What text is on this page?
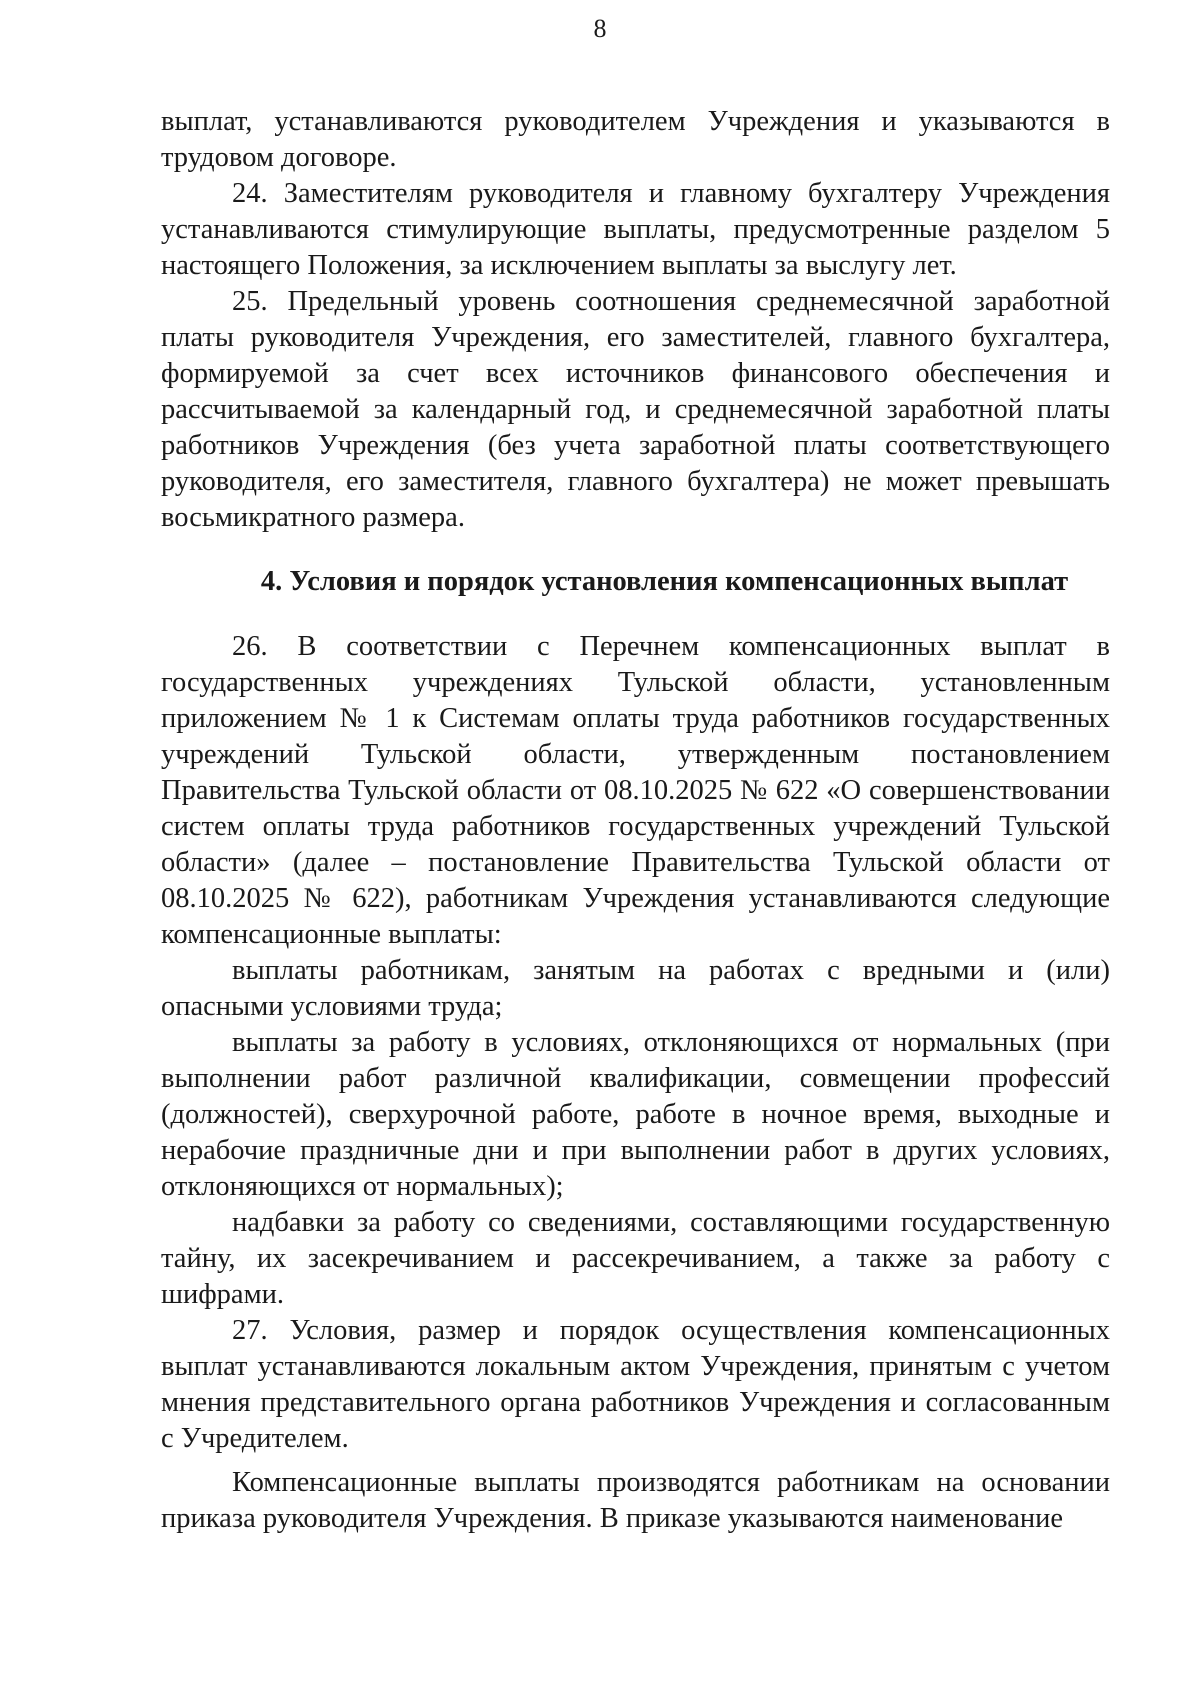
8

выплат, устанавливаются руководителем Учреждения и указываются в трудовом договоре.

24. Заместителям руководителя и главному бухгалтеру Учреждения устанавливаются стимулирующие выплаты, предусмотренные разделом 5 настоящего Положения, за исключением выплаты за выслугу лет.

25. Предельный уровень соотношения среднемесячной заработной платы руководителя Учреждения, его заместителей, главного бухгалтера, формируемой за счет всех источников финансового обеспечения и рассчитываемой за календарный год, и среднемесячной заработной платы работников Учреждения (без учета заработной платы соответствующего руководителя, его заместителя, главного бухгалтера) не может превышать восьмикратного размера.

4. Условия и порядок установления компенсационных выплат

26. В соответствии с Перечнем компенсационных выплат в государственных учреждениях Тульской области, установленным приложением № 1 к Системам оплаты труда работников государственных учреждений Тульской области, утвержденным постановлением Правительства Тульской области от 08.10.2025 № 622 «О совершенствовании систем оплаты труда работников государственных учреждений Тульской области» (далее – постановление Правительства Тульской области от 08.10.2025 № 622), работникам Учреждения устанавливаются следующие компенсационные выплаты:

выплаты работникам, занятым на работах с вредными и (или) опасными условиями труда;

выплаты за работу в условиях, отклоняющихся от нормальных (при выполнении работ различной квалификации, совмещении профессий (должностей), сверхурочной работе, работе в ночное время, выходные и нерабочие праздничные дни и при выполнении работ в других условиях, отклоняющихся от нормальных);

надбавки за работу со сведениями, составляющими государственную тайну, их засекречиванием и рассекречиванием, а также за работу с шифрами.

27. Условия, размер и порядок осуществления компенсационных выплат устанавливаются локальным актом Учреждения, принятым с учетом мнения представительного органа работников Учреждения и согласованным с Учредителем.

Компенсационные выплаты производятся работникам на основании приказа руководителя Учреждения. В приказе указываются наименование
